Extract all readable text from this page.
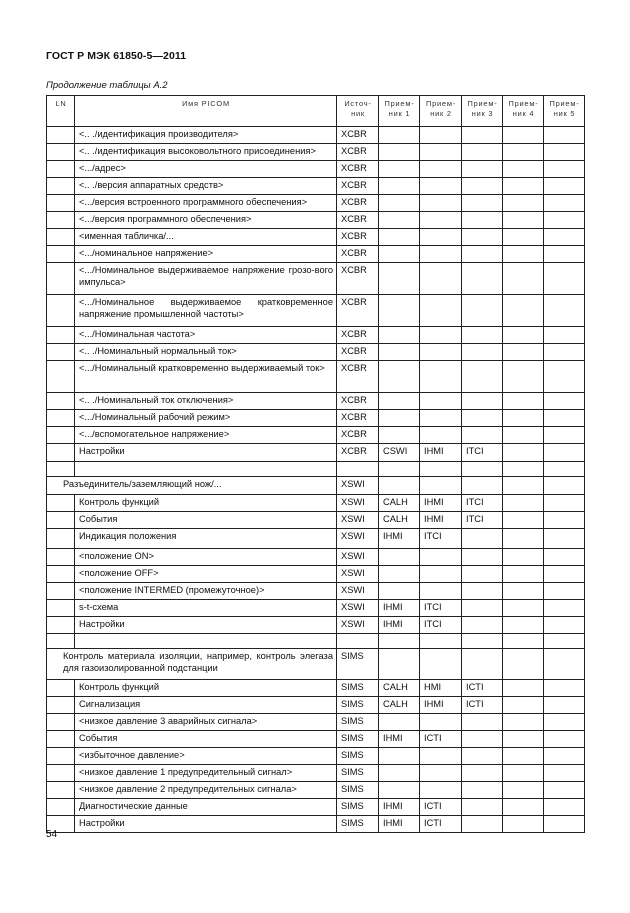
ГОСТ Р МЭК 61850-5—2011
Продолжение таблицы A.2
LN	Имя PICOM	Источ-ник	Прием-ник 1	Прием-ник 2	Прием-ник 3	Прием-ник 4	Прием-ник 5
	<.. ./идентификация производителя>	XCBR					
	<.. ./идентификация высоковольтного присоединения>	XCBR					
	<.../адрес>	XCBR					
	<.. ./версия аппаратных средств>	XCBR					
	<.../версия встроенного программного обеспечения>	XCBR					
	<.../версия программного обеспечения>	XCBR					
	<именная табличка/...	XCBR					
	<.../номинальное напряжение>	XCBR					
	<.../Номинальное выдерживаемое напряжение грозо-вого импульса>	XCBR					
	<.../Номинальное выдерживаемое кратковременное напряжение промышленной частоты>	XCBR					
	<.../Номинальная частота>	XCBR					
	<.. ./Номинальный нормальный ток>	XCBR					
	<.../Номинальный кратковременно выдерживаемый ток>	XCBR					
	<.. ./Номинальный ток отключения>	XCBR					
	<.../Номинальный рабочий режим>	XCBR					
	<.../вспомогательное напряжение>	XCBR					
	Настройки	XCBR	CSWI	IHMI	ITCI		

Разъединитель/заземляющий нож/...		XSWI					
	Контроль функций	XSWI	CALH	IHMI	ITCI		
	События	XSWI	CALH	IHMI	ITCI		
	Индикация положения	XSWI	IHMI	ITCI			
	<положение ON>	XSWI					
	<положение OFF>	XSWI					
	<положение INTERMED (промежуточное)>	XSWI					
	s-t-схема	XSWI	IHMI	ITCI			
	Настройки	XSWI	IHMI	ITCI			

Контроль материала изоляции, например, контроль элегаза для газоизолированной подстанции		SIMS					
	Контроль функций	SIMS	CALH	HMI	ICTI		
	Сигнализация	SIMS	CALH	IHMI	ICTI		
	<низкое давление 3 аварийных сигнала>	SIMS					
	События	SIMS	IHMI	ICTI			
	<избыточное давление>	SIMS					
	<низкое давление 1 предупредительный сигнал>	SIMS					
	<низкое давление 2 предупредительных сигнала>	SIMS					
	Диагностические данные	SIMS	IHMI	ICTI			
	Настройки	SIMS	IHMI	ICTI			
54
